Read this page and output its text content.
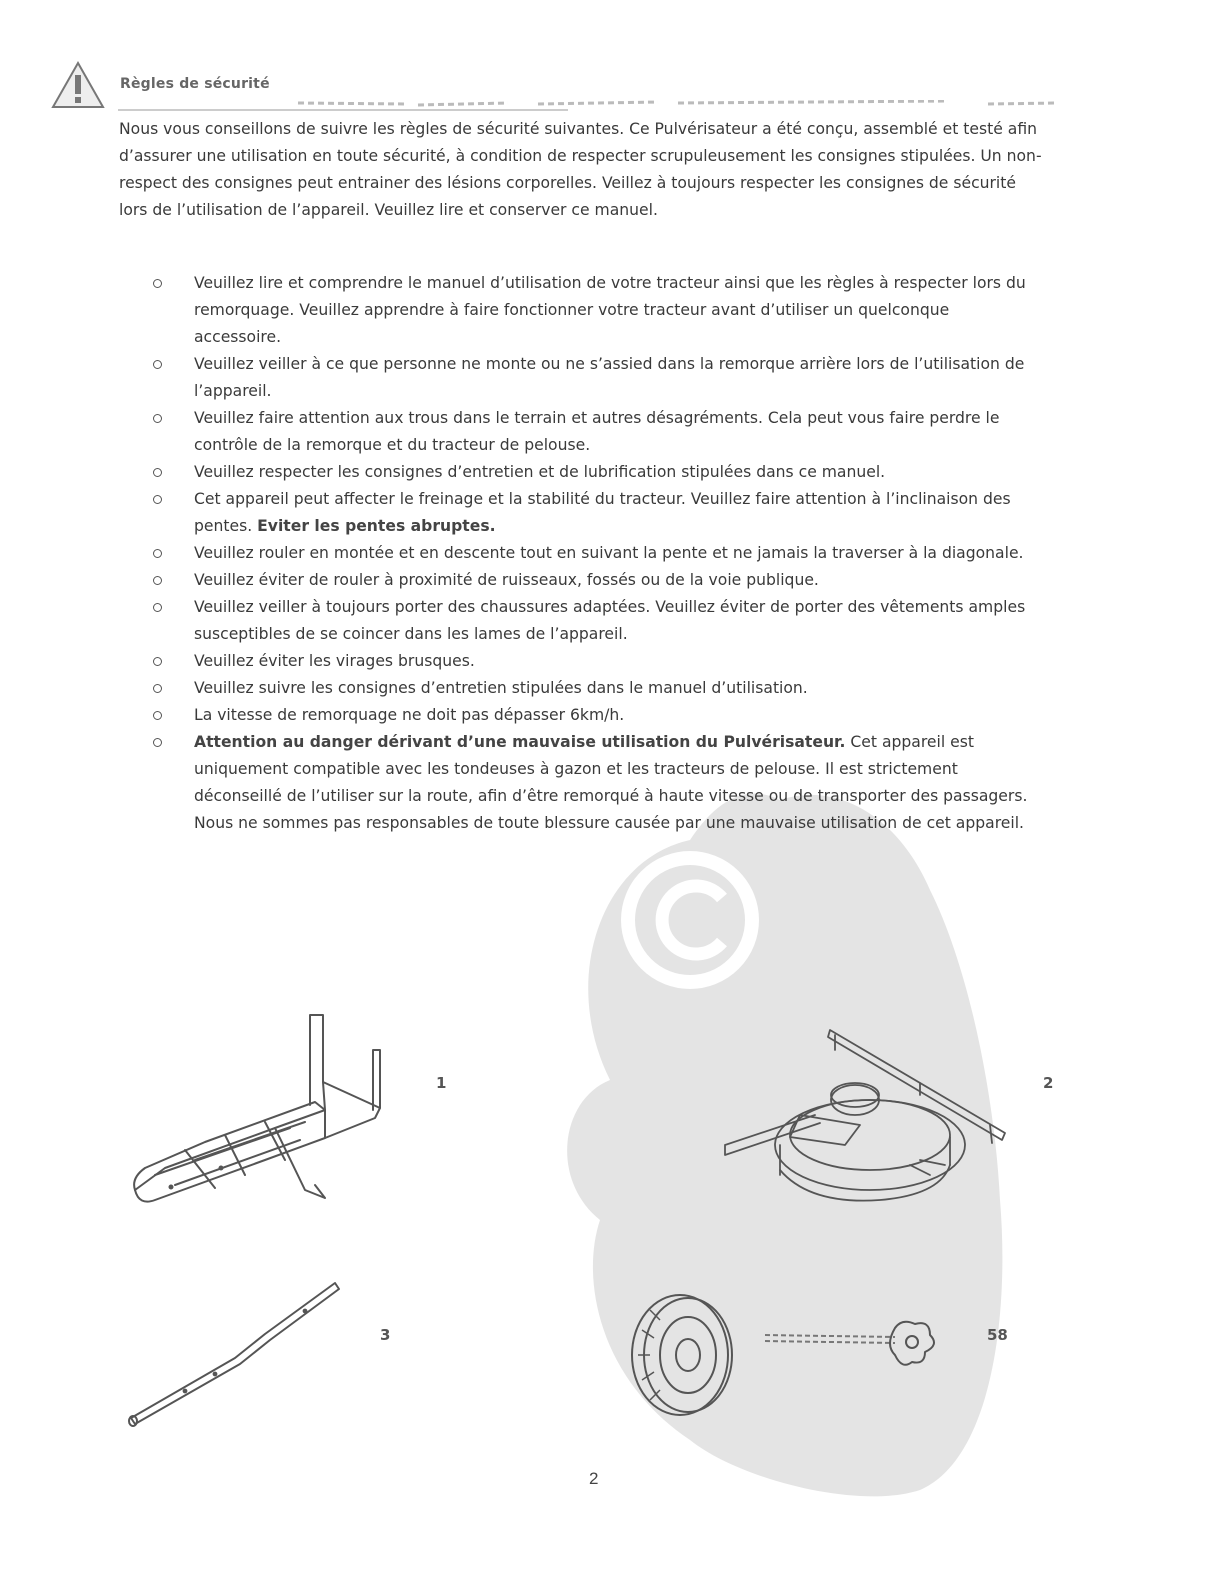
Règles de sécurité

Nous vous conseillons de suivre les règles de sécurité suivantes. Ce Pulvérisateur a été conçu, assemblé et testé afin d’assurer une utilisation en toute sécurité, à condition de respecter scrupuleusement les consignes stipulées. Un non-respect des consignes peut entrainer des lésions corporelles. Veillez à toujours respecter les consignes de sécurité lors de l’utilisation de l’appareil. Veuillez lire et conserver ce manuel.

Veuillez lire et comprendre le manuel d’utilisation de votre tracteur ainsi que les règles à respecter lors du remorquage. Veuillez apprendre à faire fonctionner votre tracteur avant d’utiliser un quelconque accessoire.
Veuillez veiller à ce que personne ne monte ou ne s’assied dans la remorque arrière lors de l’utilisation de l’appareil.
Veuillez faire attention aux trous dans le terrain et autres désagréments. Cela peut vous faire perdre le contrôle de la remorque et du tracteur de pelouse.
Veuillez respecter les consignes d’entretien et de lubrification stipulées dans ce manuel.
Cet appareil peut affecter le freinage et la stabilité du tracteur. Veuillez faire attention à l’inclinaison des pentes. Eviter les pentes abruptes.
Veuillez rouler en montée et en descente tout en suivant la pente et ne jamais la traverser à la diagonale.
Veuillez éviter de rouler à proximité de ruisseaux, fossés ou de la voie publique.
Veuillez veiller à toujours porter des chaussures adaptées. Veuillez éviter de porter des vêtements amples susceptibles de se coincer dans les lames de l’appareil.
Veuillez éviter les virages brusques.
Veuillez suivre les consignes d’entretien stipulées dans le manuel d’utilisation.
La vitesse de remorquage ne doit pas dépasser 6km/h.
Attention au danger dérivant d’une mauvaise utilisation du Pulvérisateur. Cet appareil est uniquement compatible avec les tondeuses à gazon et les tracteurs de pelouse. Il est strictement déconseillé de l’utiliser sur la route, afin d’être remorqué à haute vitesse ou de transporter des passagers. Nous ne sommes pas responsables de toute blessure causée par une mauvaise utilisation de cet appareil.
1	2
3	58
2
